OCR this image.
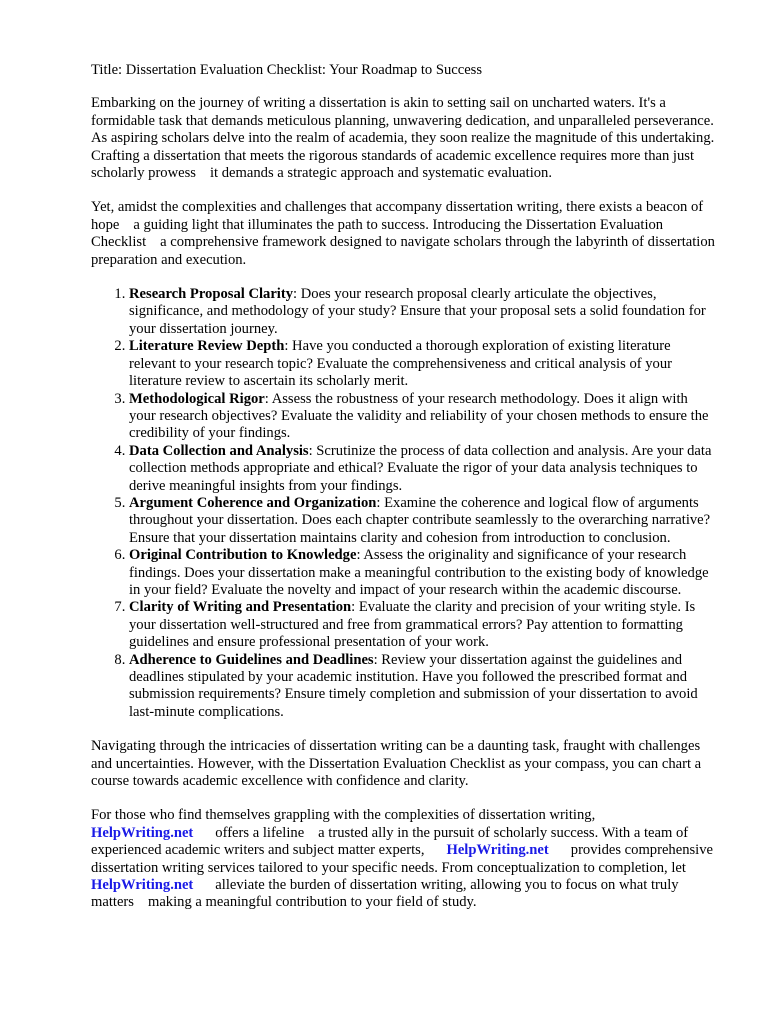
Title: Dissertation Evaluation Checklist: Your Roadmap to Success

Embarking on the journey of writing a dissertation is akin to setting sail on uncharted waters. It's a formidable task that demands meticulous planning, unwavering dedication, and unparalleled perseverance. As aspiring scholars delve into the realm of academia, they soon realize the magnitude of this undertaking. Crafting a dissertation that meets the rigorous standards of academic excellence requires more than just scholarly prowess it demands a strategic approach and systematic evaluation.

Yet, amidst the complexities and challenges that accompany dissertation writing, there exists a beacon of hope a guiding light that illuminates the path to success. Introducing the Dissertation Evaluation Checklist a comprehensive framework designed to navigate scholars through the labyrinth of dissertation preparation and execution.

1. Research Proposal Clarity: Does your research proposal clearly articulate the objectives, significance, and methodology of your study? Ensure that your proposal sets a solid foundation for your dissertation journey.
2. Literature Review Depth: Have you conducted a thorough exploration of existing literature relevant to your research topic? Evaluate the comprehensiveness and critical analysis of your literature review to ascertain its scholarly merit.
3. Methodological Rigor: Assess the robustness of your research methodology. Does it align with your research objectives? Evaluate the validity and reliability of your chosen methods to ensure the credibility of your findings.
4. Data Collection and Analysis: Scrutinize the process of data collection and analysis. Are your data collection methods appropriate and ethical? Evaluate the rigor of your data analysis techniques to derive meaningful insights from your findings.
5. Argument Coherence and Organization: Examine the coherence and logical flow of arguments throughout your dissertation. Does each chapter contribute seamlessly to the overarching narrative? Ensure that your dissertation maintains clarity and cohesion from introduction to conclusion.
6. Original Contribution to Knowledge: Assess the originality and significance of your research findings. Does your dissertation make a meaningful contribution to the existing body of knowledge in your field? Evaluate the novelty and impact of your research within the academic discourse.
7. Clarity of Writing and Presentation: Evaluate the clarity and precision of your writing style. Is your dissertation well-structured and free from grammatical errors? Pay attention to formatting guidelines and ensure professional presentation of your work.
8. Adherence to Guidelines and Deadlines: Review your dissertation against the guidelines and deadlines stipulated by your academic institution. Have you followed the prescribed format and submission requirements? Ensure timely completion and submission of your dissertation to avoid last-minute complications.

Navigating through the intricacies of dissertation writing can be a daunting task, fraught with challenges and uncertainties. However, with the Dissertation Evaluation Checklist as your compass, you can chart a course towards academic excellence with confidence and clarity.

For those who find themselves grappling with the complexities of dissertation writing,
HelpWriting.net offers a lifeline a trusted ally in the pursuit of scholarly success. With a team of experienced academic writers and subject matter experts, HelpWriting.net provides comprehensive dissertation writing services tailored to your specific needs. From conceptualization to completion, letHelpWriting.net alleviate the burden of dissertation writing, allowing you to focus on what truly matters making a meaningful contribution to your field of study.
